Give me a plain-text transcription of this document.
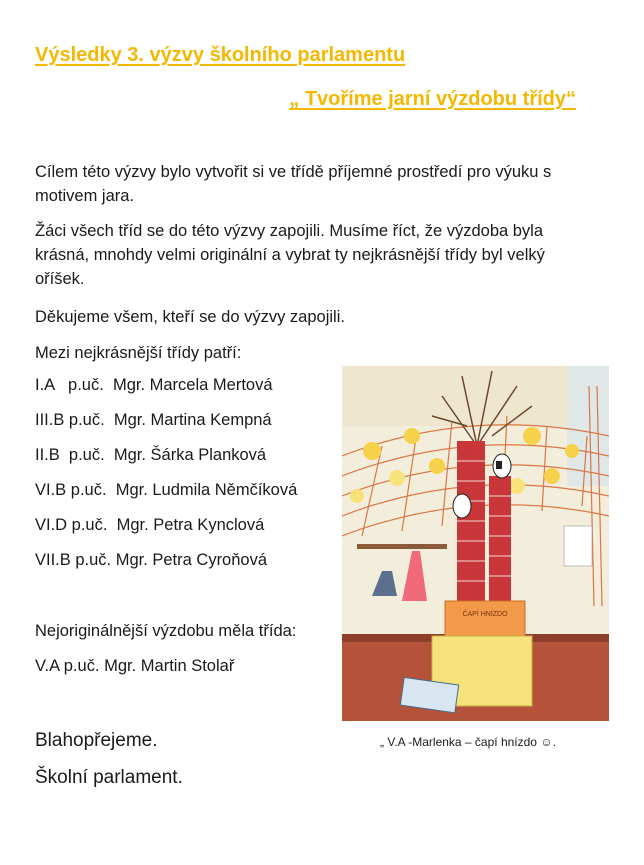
Výsledky 3. výzvy školního parlamentu
„ Tvoříme jarní výzdobu třídy“

Cílem této výzvy bylo vytvořit si ve třídě příjemné prostředí pro výuku s motivem jara.

Žáci všech tříd se do této výzvy zapojili. Musíme říct, že výzdoba byla krásná, mnohdy velmi originální a vybrat ty nejkrásnější třídy byl velký oříšek.

Děkujeme všem, kteří se do výzvy zapojili.

Mezi nejkrásnější třídy patří:

I.A   p.uč.  Mgr. Marcela Mertová

III.B p.uč.  Mgr. Martina Kempná

II.B  p.uč.  Mgr. Šárka Planková

VI.B p.uč.  Mgr. Ludmila Němčíková

VI.D p.uč.  Mgr. Petra Kynclová

VII.B p.uč. Mgr. Petra Cyroňová

Nejoriginálnější výzdobu měla třída:

V.A p.uč. Mgr. Martin Stolař

Blahopřejeme.

Školní parlament.

ČAPÍ HNÍZDO

„ V.A -Marlenka – čapí hnízdo ☺.
